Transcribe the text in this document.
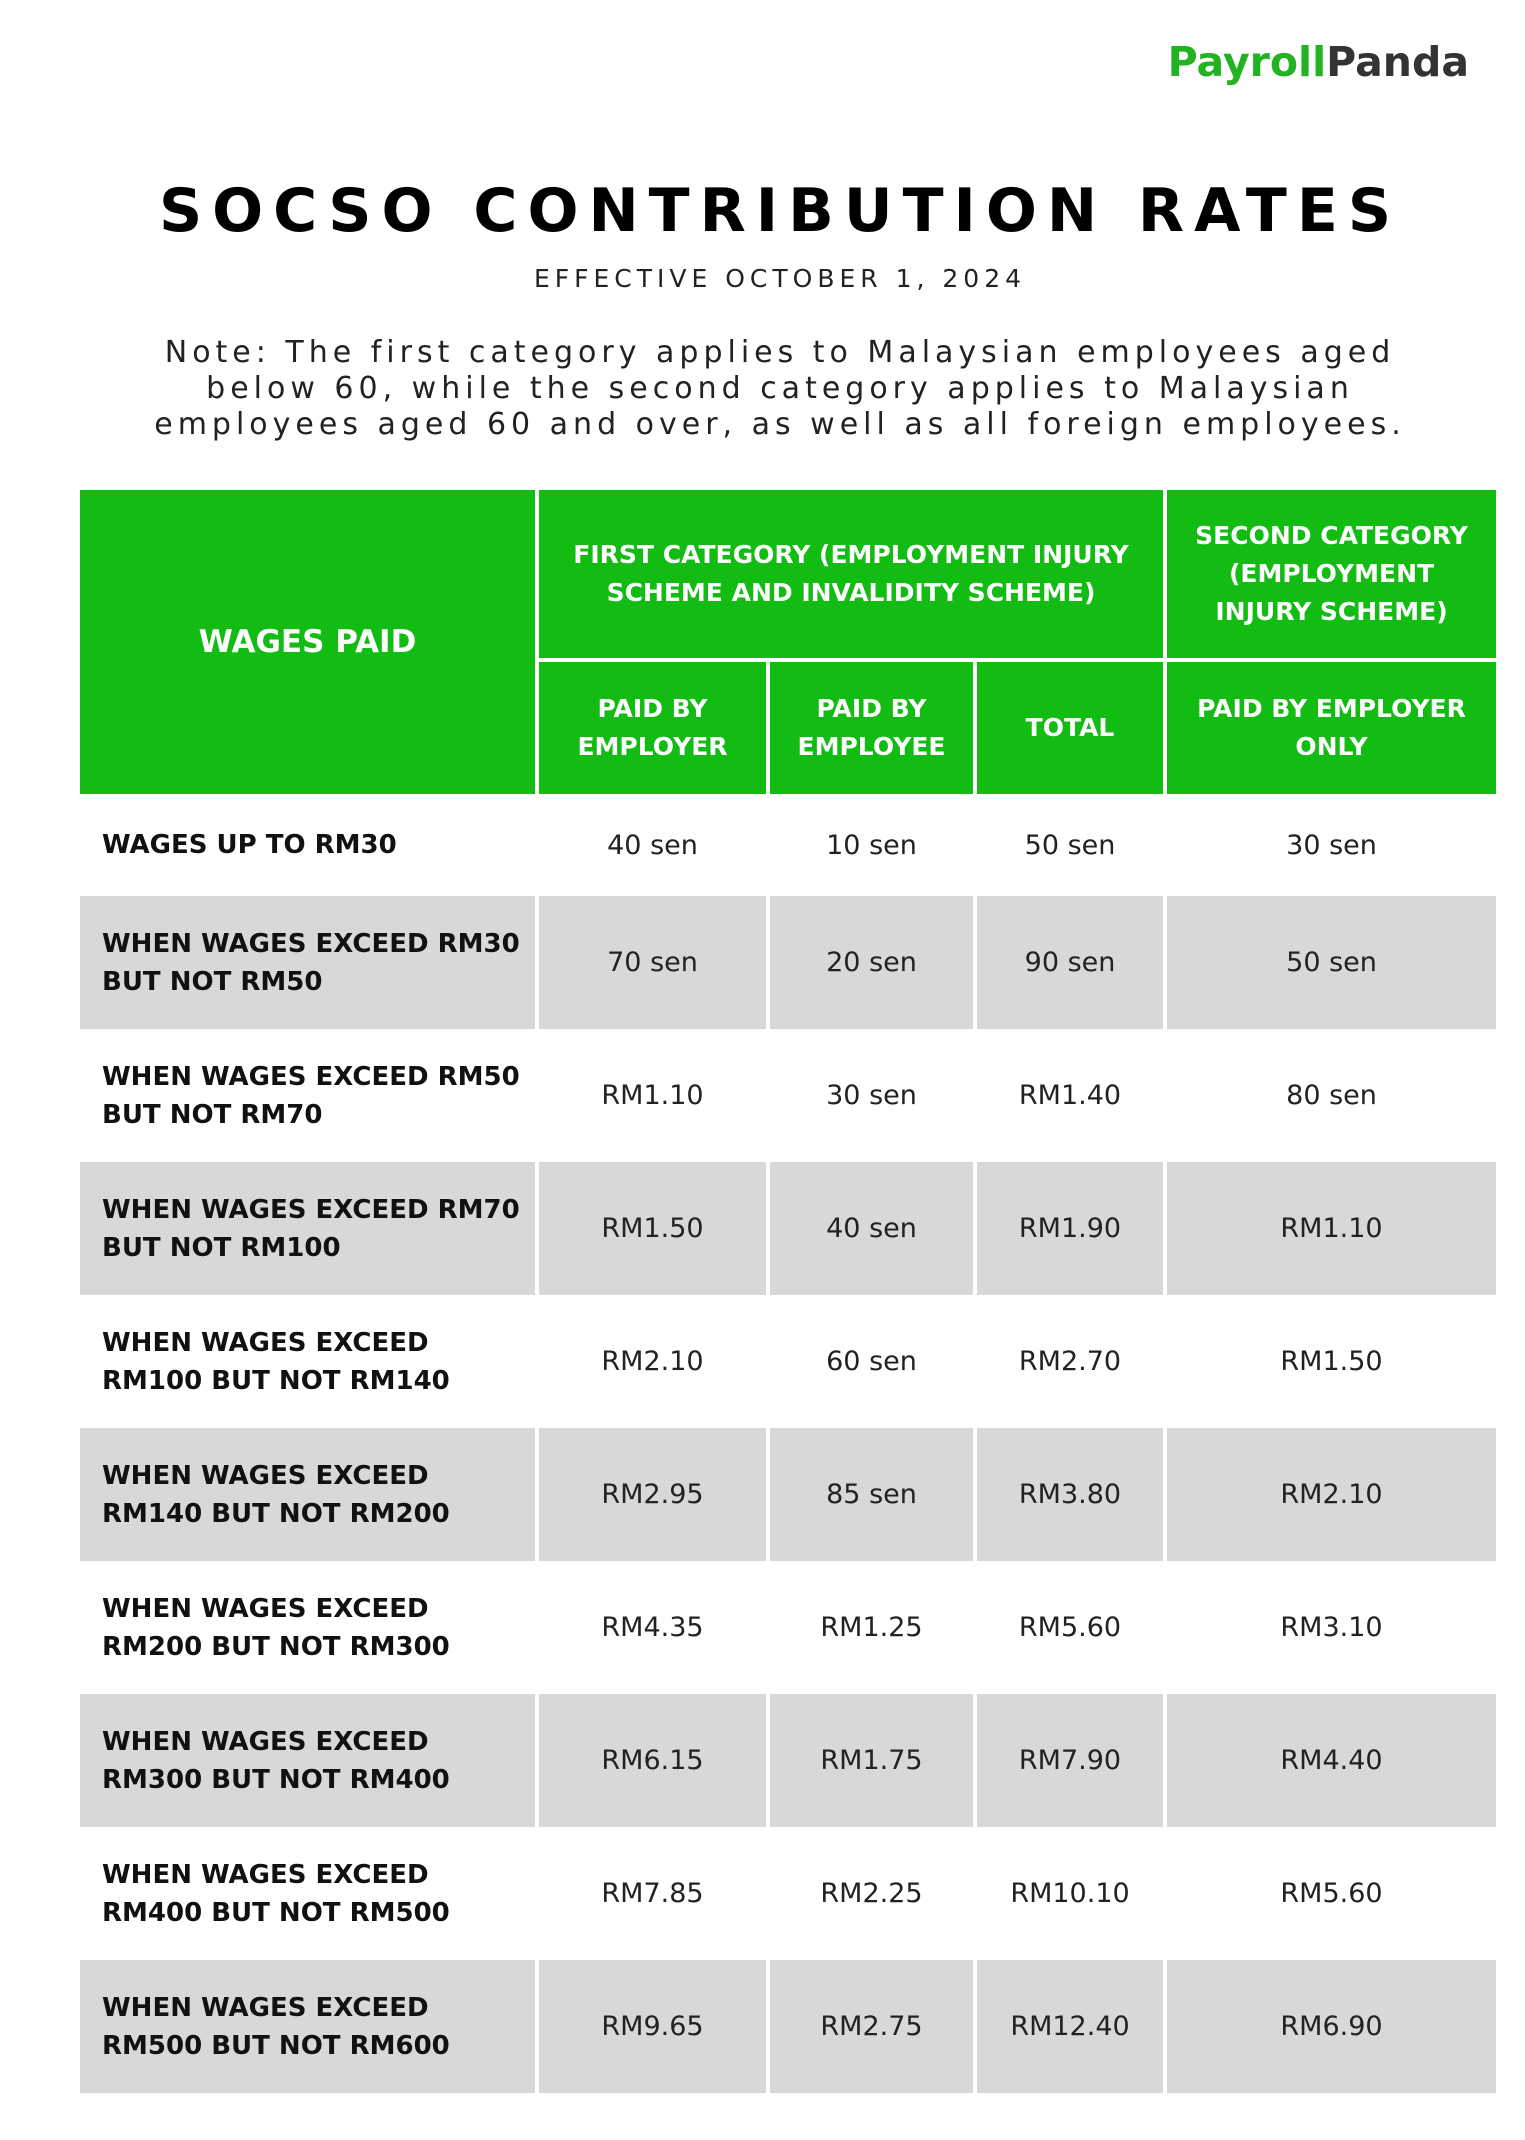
PayrollPanda
SOCSO CONTRIBUTION RATES
EFFECTIVE OCTOBER 1, 2024
Note: The first category applies to Malaysian employees aged below 60, while the second category applies to Malaysian employees aged 60 and over, as well as all foreign employees.
WAGES PAID	FIRST CATEGORY (EMPLOYMENT INJURY SCHEME AND INVALIDITY SCHEME)			SECOND CATEGORY (EMPLOYMENT INJURY SCHEME)
	PAID BY EMPLOYER	PAID BY EMPLOYEE	TOTAL	PAID BY EMPLOYER ONLY
WAGES UP TO RM30	40 sen	10 sen	50 sen	30 sen
WHEN WAGES EXCEED RM30 BUT NOT RM50	70 sen	20 sen	90 sen	50 sen
WHEN WAGES EXCEED RM50 BUT NOT RM70	RM1.10	30 sen	RM1.40	80 sen
WHEN WAGES EXCEED RM70 BUT NOT RM100	RM1.50	40 sen	RM1.90	RM1.10
WHEN WAGES EXCEED RM100 BUT NOT RM140	RM2.10	60 sen	RM2.70	RM1.50
WHEN WAGES EXCEED RM140 BUT NOT RM200	RM2.95	85 sen	RM3.80	RM2.10
WHEN WAGES EXCEED RM200 BUT NOT RM300	RM4.35	RM1.25	RM5.60	RM3.10
WHEN WAGES EXCEED RM300 BUT NOT RM400	RM6.15	RM1.75	RM7.90	RM4.40
WHEN WAGES EXCEED RM400 BUT NOT RM500	RM7.85	RM2.25	RM10.10	RM5.60
WHEN WAGES EXCEED RM500 BUT NOT RM600	RM9.65	RM2.75	RM12.40	RM6.90
